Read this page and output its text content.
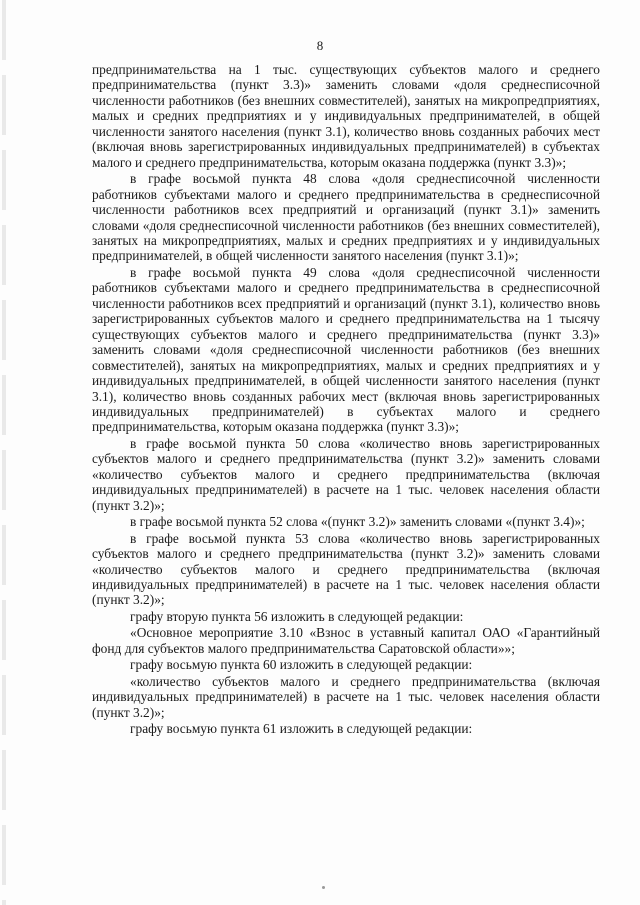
8

предпринимательства на 1 тыс. существующих субъектов малого и среднего предпринимательства (пункт 3.3)» заменить словами «доля среднесписочной численности работников (без внешних совместителей), занятых на микропредприятиях, малых и средних предприятиях и у индивидуальных предпринимателей, в общей численности занятого населения (пункт 3.1), количество вновь созданных рабочих мест (включая вновь зарегистрированных индивидуальных предпринимателей) в субъектах малого и среднего предпринимательства, которым оказана поддержка (пункт 3.3)»;

в графе восьмой пункта 48 слова «доля среднесписочной численности работников субъектами малого и среднего предпринимательства в среднесписочной численности работников всех предприятий и организаций (пункт 3.1)» заменить словами «доля среднесписочной численности работников (без внешних совместителей), занятых на микропредприятиях, малых и средних предприятиях и у индивидуальных предпринимателей, в общей численности занятого населения (пункт 3.1)»;

в графе восьмой пункта 49 слова «доля среднесписочной численности работников субъектами малого и среднего предпринимательства в среднесписочной численности работников всех предприятий и организаций (пункт 3.1), количество вновь зарегистрированных субъектов малого и среднего предпринимательства на 1 тысячу существующих субъектов малого и среднего предпринимательства (пункт 3.3)» заменить словами «доля среднесписочной численности работников (без внешних совместителей), занятых на микропредприятиях, малых и средних предприятиях и у индивидуальных предпринимателей, в общей численности занятого населения (пункт 3.1), количество вновь созданных рабочих мест (включая вновь зарегистрированных индивидуальных предпринимателей) в субъектах малого и среднего предпринимательства, которым оказана поддержка (пункт 3.3)»;

в графе восьмой пункта 50 слова «количество вновь зарегистрированных субъектов малого и среднего предпринимательства (пункт 3.2)» заменить словами «количество субъектов малого и среднего предпринимательства (включая индивидуальных предпринимателей) в расчете на 1 тыс. человек населения области (пункт 3.2)»;

в графе восьмой пункта 52 слова «(пункт 3.2)» заменить словами «(пункт 3.4)»;

в графе восьмой пункта 53 слова «количество вновь зарегистрированных субъектов малого и среднего предпринимательства (пункт 3.2)» заменить словами «количество субъектов малого и среднего предпринимательства (включая индивидуальных предпринимателей) в расчете на 1 тыс. человек населения области (пункт 3.2)»;

графу вторую пункта 56 изложить в следующей редакции:

«Основное мероприятие 3.10 «Взнос в уставный капитал ОАО «Гарантийный фонд для субъектов малого предпринимательства Саратовской области»»;

графу восьмую пункта 60 изложить в следующей редакции:

«количество субъектов малого и среднего предпринимательства (включая индивидуальных предпринимателей) в расчете на 1 тыс. человек населения области (пункт 3.2)»;

графу восьмую пункта 61 изложить в следующей редакции:
